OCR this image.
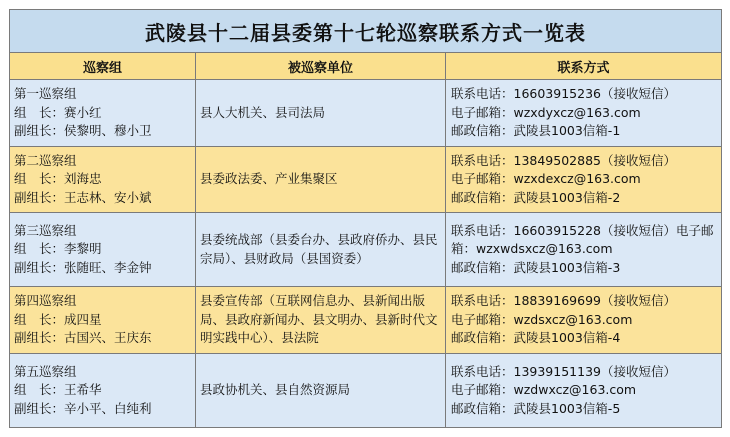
武陵县十二届县委第十七轮巡察联系方式一览表		
巡察组	被巡察单位	联系方式

第一巡察组
组　长：赛小红
副组长：侯黎明、穆小卫	县人大机关、县司法局	联系电话：16603915236（接收短信）
电子邮箱：wzxdyxcz@163.com
邮政信箱：武陵县1003信箱-1

第二巡察组
组　长：刘海忠
副组长：王志林、安小斌	县委政法委、产业集聚区	联系电话：13849502885（接收短信）
电子邮箱：wzxdexcz@163.com
邮政信箱：武陵县1003信箱-2

第三巡察组
组　长：李黎明
副组长：张随旺、李金钟	县委统战部（县委台办、县政府侨办、县民宗局）、县财政局（县国资委）	联系电话：16603915228（接收短信）电子邮箱：wzxwdsxcz@163.com
邮政信箱：武陵县1003信箱-3

第四巡察组
组　长：成四星
副组长：古国兴、王庆东	县委宣传部（互联网信息办、县新闻出版局、县政府新闻办、县文明办、县新时代文明实践中心）、县法院	联系电话：18839169699（接收短信）
电子邮箱：wzdsxcz@163.com
邮政信箱：武陵县1003信箱-4

第五巡察组
组　长：王希华
副组长：辛小平、白纯利	县政协机关、县自然资源局	联系电话：13939151139（接收短信）
电子邮箱：wzdwxcz@163.com
邮政信箱：武陵县1003信箱-5
